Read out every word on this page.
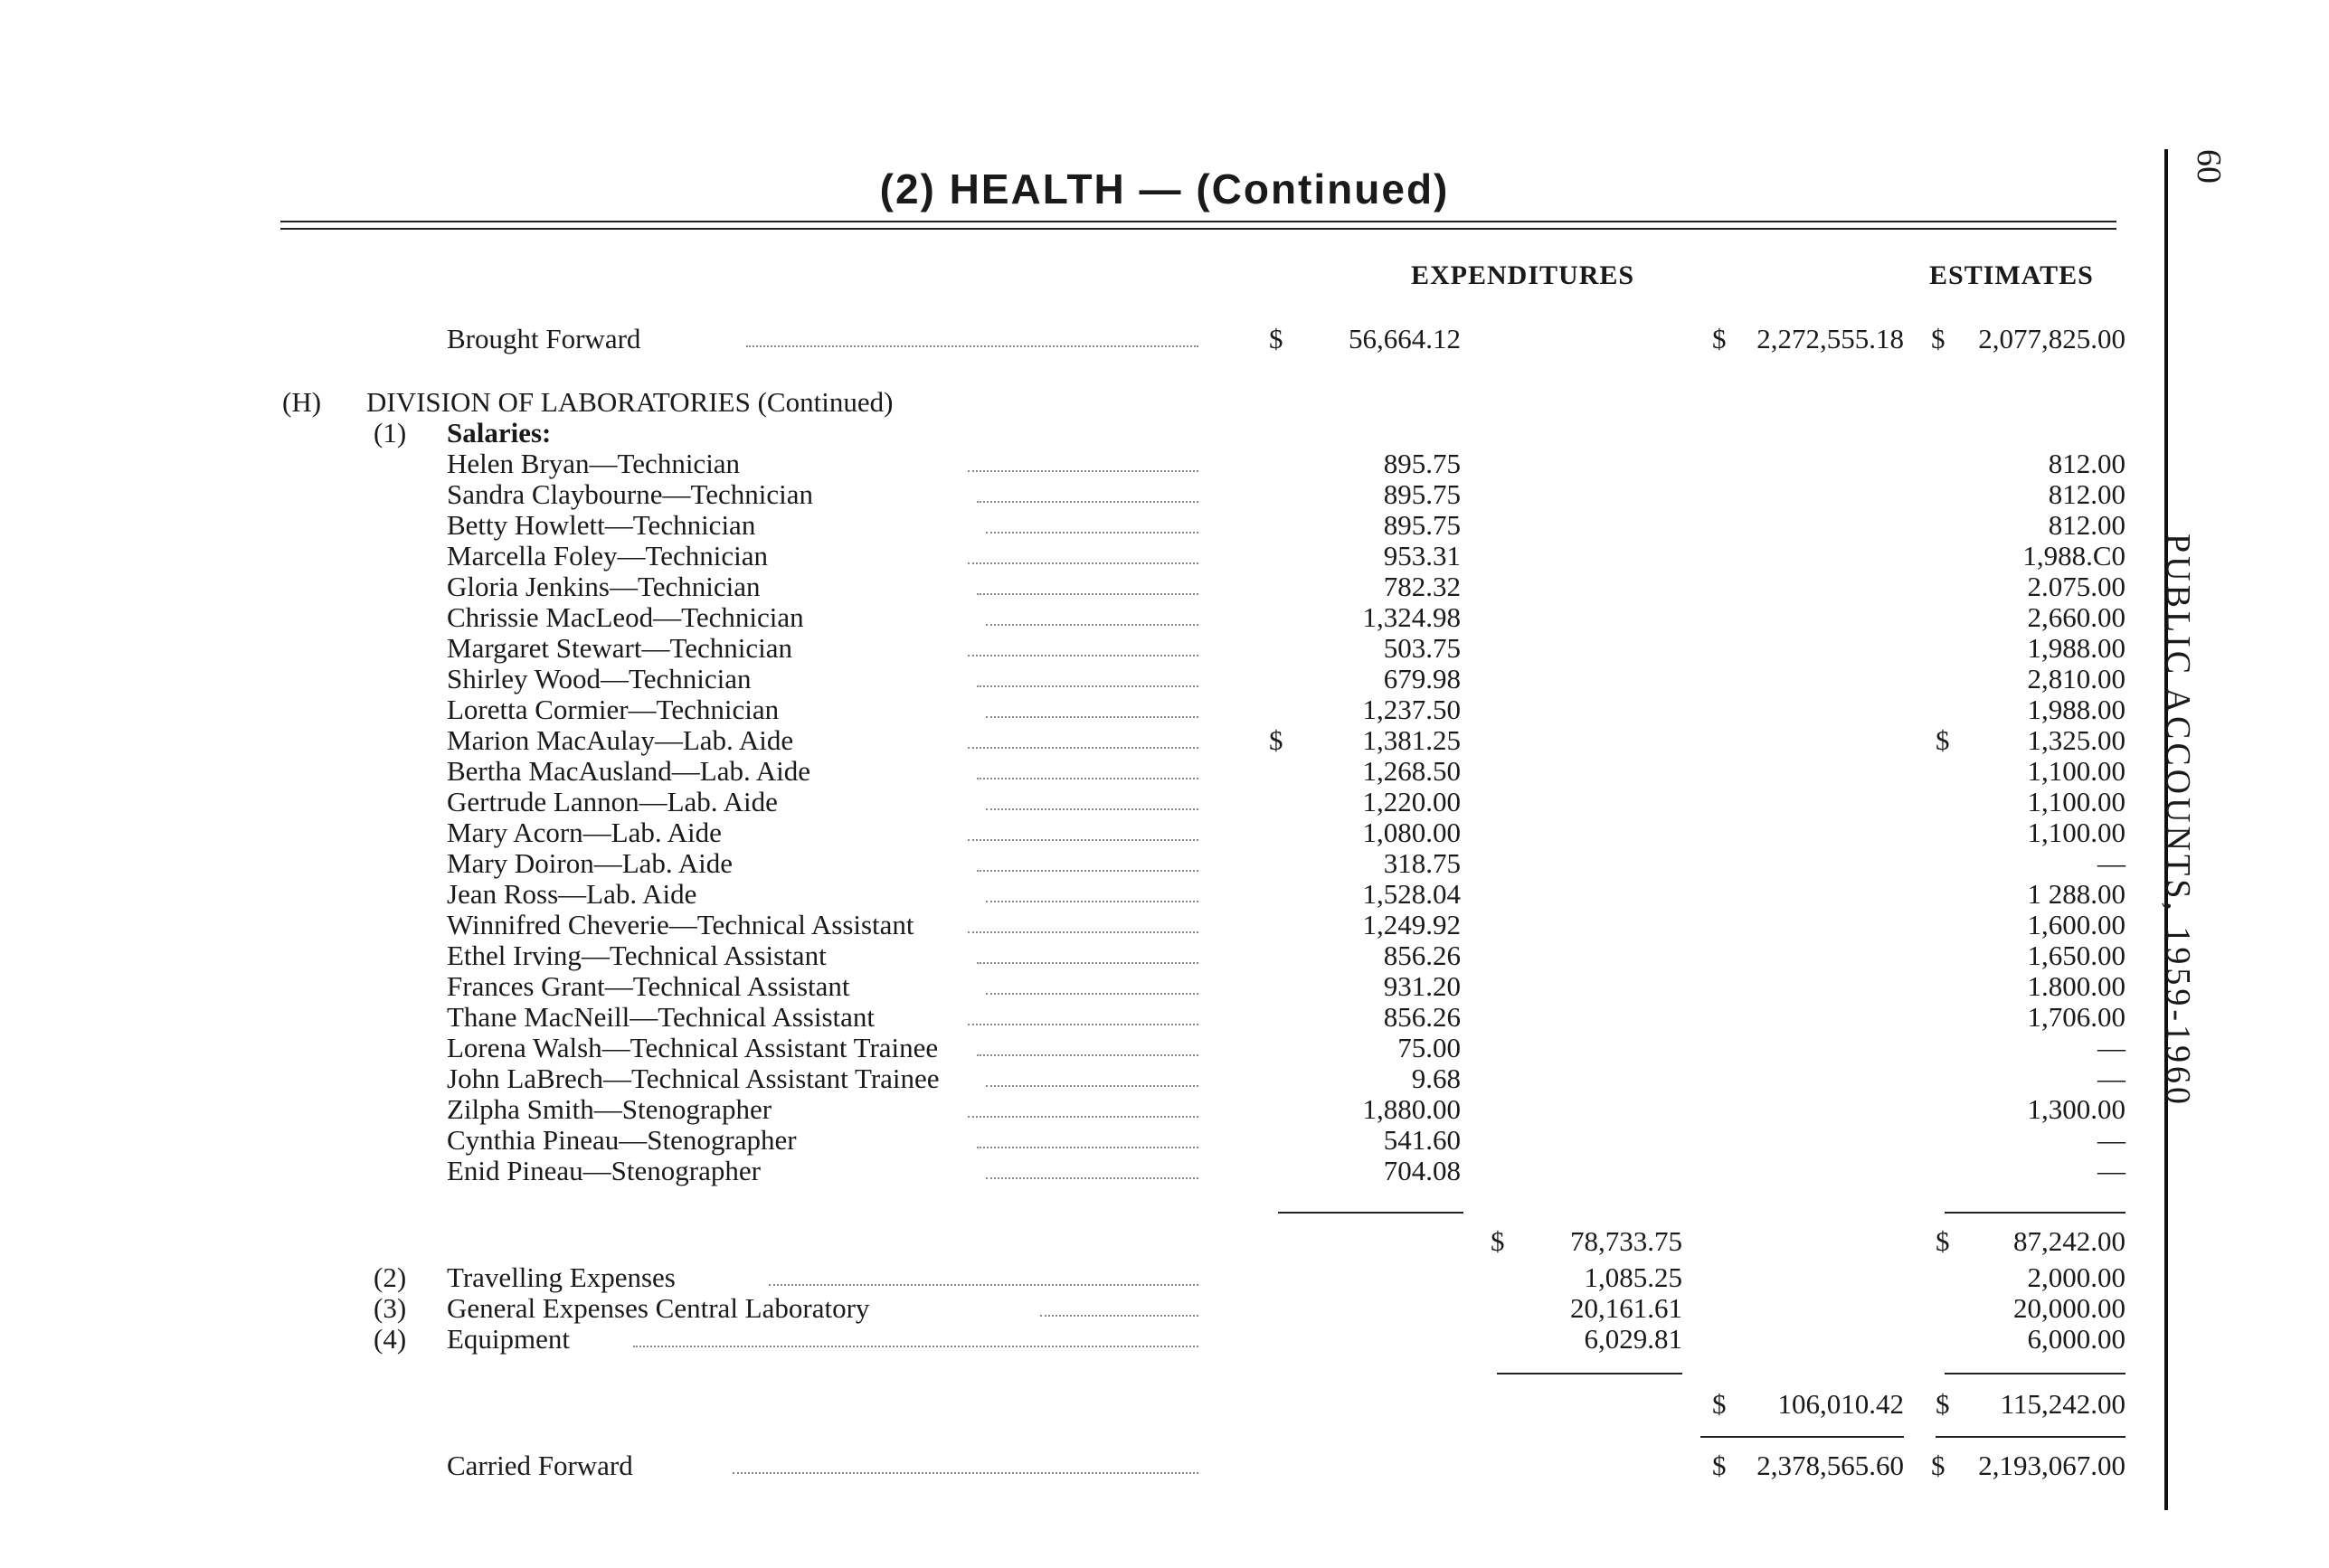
(2) HEALTH — (Continued)
EXPENDITURES	ESTIMATES
60
PUBLIC ACCOUNTS, 1959-1960
Brought Forward	$	56,664.12	$	2,272,555.18 $	2,077,825.00
(H) DIVISION OF LABORATORIES (Continued)
(1) Salaries:
Helen Bryan—Technician	895.75	812.00
Sandra Claybourne—Technician	895.75	812.00
Betty Howlett—Technician	895.75	812.00
Marcella Foley—Technician	953.31	1,988.C0
Gloria Jenkins—Technician	782.32	2.075.00
Chrissie MacLeod—Technician	1,324.98	2,660.00
Margaret Stewart—Technician	503.75	1,988.00
Shirley Wood—Technician	679.98	2,810.00
Loretta Cormier—Technician	1,237.50	1,988.00
Marion MacAulay—Lab. Aide	$	1,381.25	$	1,325.00
Bertha MacAusland—Lab. Aide	1,268.50	1,100.00
Gertrude Lannon—Lab. Aide	1,220.00	1,100.00
Mary Acorn—Lab. Aide	1,080.00	1,100.00
Mary Doiron—Lab. Aide	318.75	—
Jean Ross—Lab. Aide	1,528.04	1 288.00
Winnifred Cheverie—Technical Assistant	1,249.92	1,600.00
Ethel Irving—Technical Assistant	856.26	1,650.00
Frances Grant—Technical Assistant	931.20	1.800.00
Thane MacNeill—Technical Assistant	856.26	1,706.00
Lorena Walsh—Technical Assistant Trainee	75.00	—
John LaBrech—Technical Assistant Trainee	9.68	—
Zilpha Smith—Stenographer	1,880.00	1,300.00
Cynthia Pineau—Stenographer	541.60	—
Enid Pineau—Stenographer	704.08	—
$	78,733.75	$	87,242.00
(2) Travelling Expenses	1,085.25	2,000.00
(3) General Expenses Central Laboratory	20,161.61	20,000.00
(4) Equipment	6,029.81	6,000.00
$	106,010.42 $	115,242.00
Carried Forward	$	2,378,565.60 $	2,193,067.00
